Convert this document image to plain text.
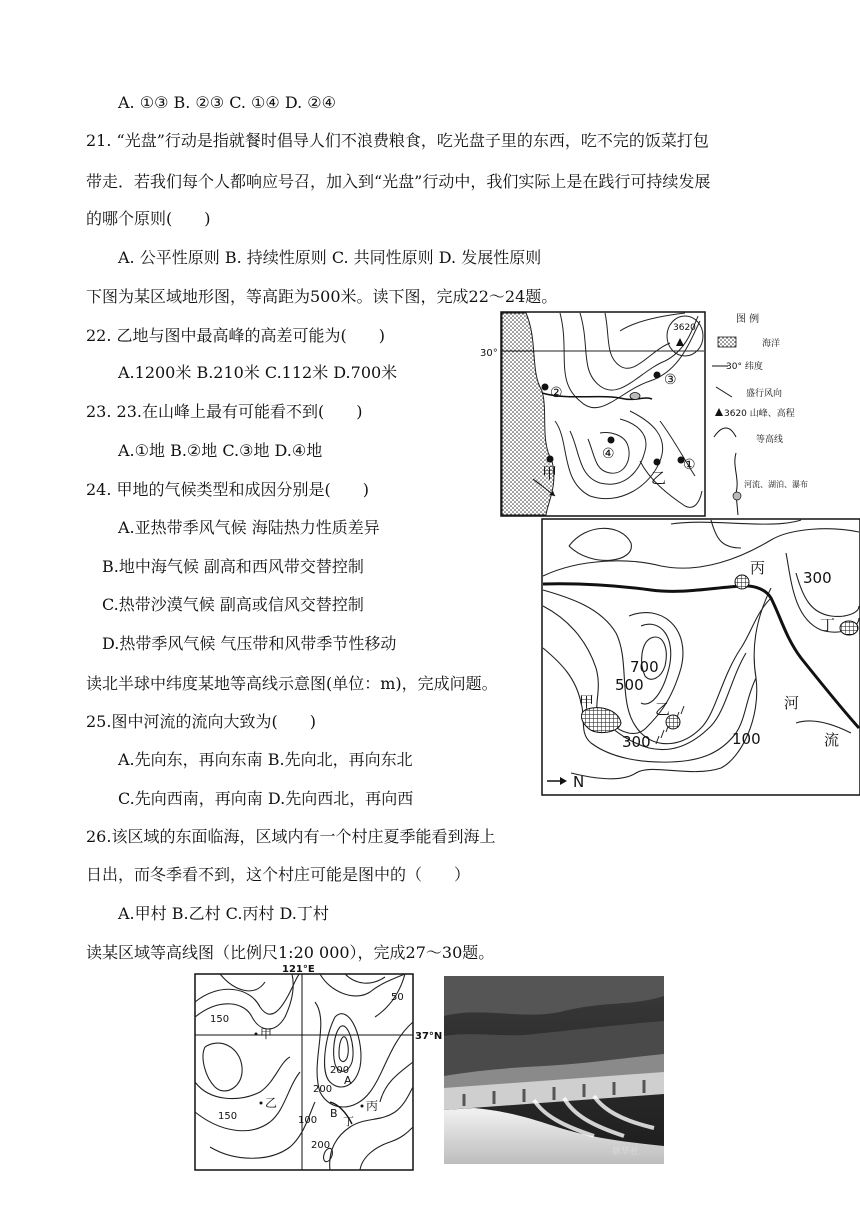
A. ①③ B. ②③ C. ①④ D. ②④
21. “光盘”行动是指就餐时倡导人们不浪费粮食，吃光盘子里的东西，吃不完的饭菜打包
带走．若我们每个人都响应号召，加入到“光盘”行动中，我们实际上是在践行可持续发展
的哪个原则(　　)
A. 公平性原则 B. 持续性原则 C. 共同性原则 D. 发展性原则
下图为某区域地形图，等高距为500米。读下图，完成22～24题。
22. 乙地与图中最高峰的高差可能为(　　)
A.1200米 B.210米 C.112米 D.700米
23. 23.在山峰上最有可能看不到(　　)
A.①地 B.②地 C.③地 D.④地
24. 甲地的气候类型和成因分别是(　　)
A.亚热带季风气候 海陆热力性质差异
B.地中海气候 副高和西风带交替控制
C.热带沙漠气候 副高或信风交替控制
D.热带季风气候 气压带和风带季节性移动
读北半球中纬度某地等高线示意图(单位：m)，完成问题。
25.图中河流的流向大致为(　　)
A.先向东，再向东南 B.先向北，再向东北
C.先向西南，再向南 D.先向西北，再向西
26.该区域的东面临海，区域内有一个村庄夏季能看到海上
日出，而冬季看不到，这个村庄可能是图中的（　　）
A.甲村 B.乙村 C.丙村 D.丁村
读某区域等高线图（比例尺1:20 000），完成27～30题。
3620
②
③
④
乙
①
甲
图 例
海洋
30° 纬度
盛行风向
3620 山峰、高程
等高线
河流、湖泊、瀑布
30°
丙
丁
甲	乙
300
700
500
300	100
河
流
N
121°E
37°N
150
150
200
200
100
50
200
甲
乙	丙
丁
A
B
新华社
